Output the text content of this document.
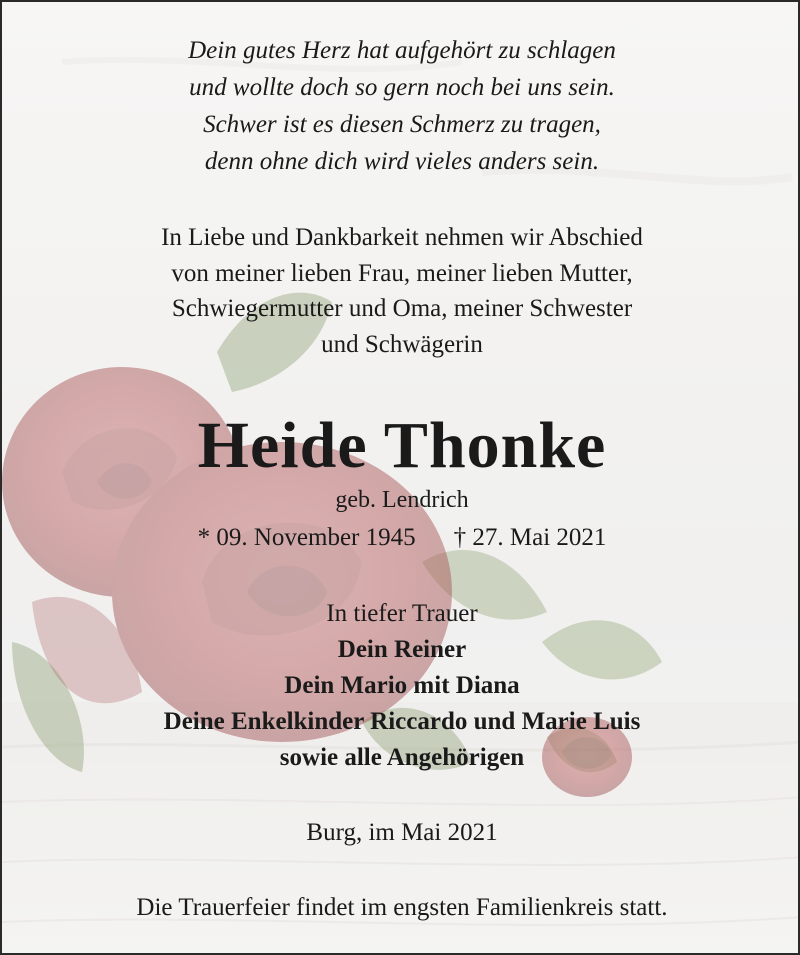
Dein gutes Herz hat aufgehört zu schlagen
und wollte doch so gern noch bei uns sein.
Schwer ist es diesen Schmerz zu tragen,
denn ohne dich wird vieles anders sein.
In Liebe und Dankbarkeit nehmen wir Abschied
von meiner lieben Frau, meiner lieben Mutter,
Schwiegermutter und Oma, meiner Schwester
und Schwägerin
Heide Thonke
geb. Lendrich
* 09. November 1945 † 27. Mai 2021
In tiefer Trauer
Dein Reiner
Dein Mario mit Diana
Deine Enkelkinder Riccardo und Marie Luis
sowie alle Angehörigen
Burg, im Mai 2021
Die Trauerfeier findet im engsten Familienkreis statt.
